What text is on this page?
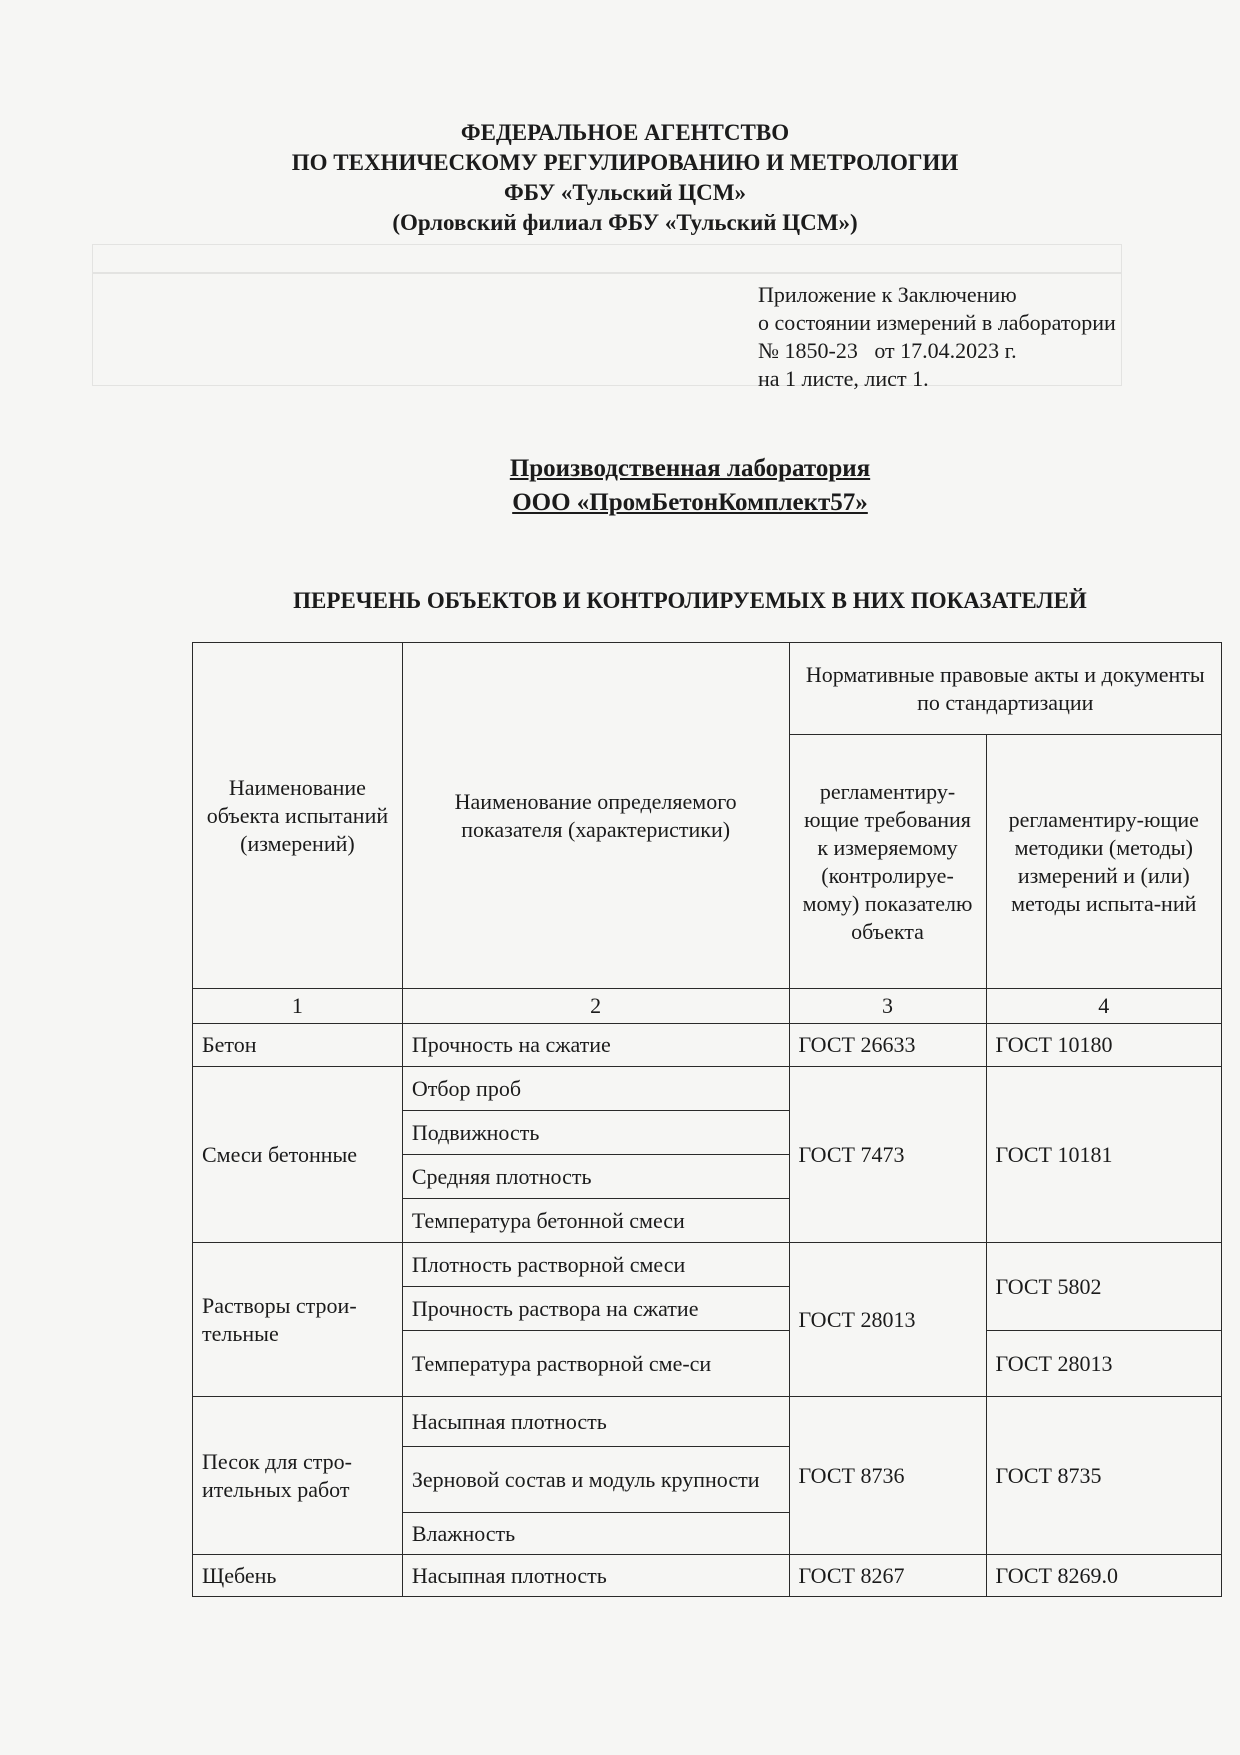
ФЕДЕРАЛЬНОЕ АГЕНТСТВО
ПО ТЕХНИЧЕСКОМУ РЕГУЛИРОВАНИЮ И МЕТРОЛОГИИ
ФБУ «Тульский ЦСМ»
(Орловский филиал ФБУ «Тульский ЦСМ»)
Приложение к Заключению
о состоянии измерений в лаборатории
№ 1850-23   от 17.04.2023 г.
на 1 листе, лист 1.
Производственная лаборатория
ООО «ПромБетонКомплект57»
ПЕРЕЧЕНЬ ОБЪЕКТОВ И КОНТРОЛИРУЕМЫХ В НИХ ПОКАЗАТЕЛЕЙ
Наименование объекта испытаний (измерений)	Наименование определяемого показателя (характеристики)	Нормативные правовые акты и документы
по стандартизации	
		регламентиру-ющие требования к измеряемому (контролируе-мому) показателю объекта	регламентиру-ющие методики (методы) измерений и (или)
методы испыта-ний
1	2	3	4
Бетон	Прочность на сжатие	ГОСТ 26633	ГОСТ 10180
Смеси бетонные	Отбор проб	ГОСТ 7473	ГОСТ 10181
	Подвижность		
	Средняя плотность		
	Температура бетонной смеси		
Растворы строи-тельные	Плотность растворной смеси	ГОСТ 28013	ГОСТ 5802
	Прочность раствора на сжатие		
	Температура растворной сме-си		ГОСТ 28013
Песок для стро-ительных работ	Насыпная плотность	ГОСТ 8736	ГОСТ 8735
	Зерновой состав и модуль крупности		
	Влажность		
Щебень	Насыпная плотность	ГОСТ 8267	ГОСТ 8269.0
